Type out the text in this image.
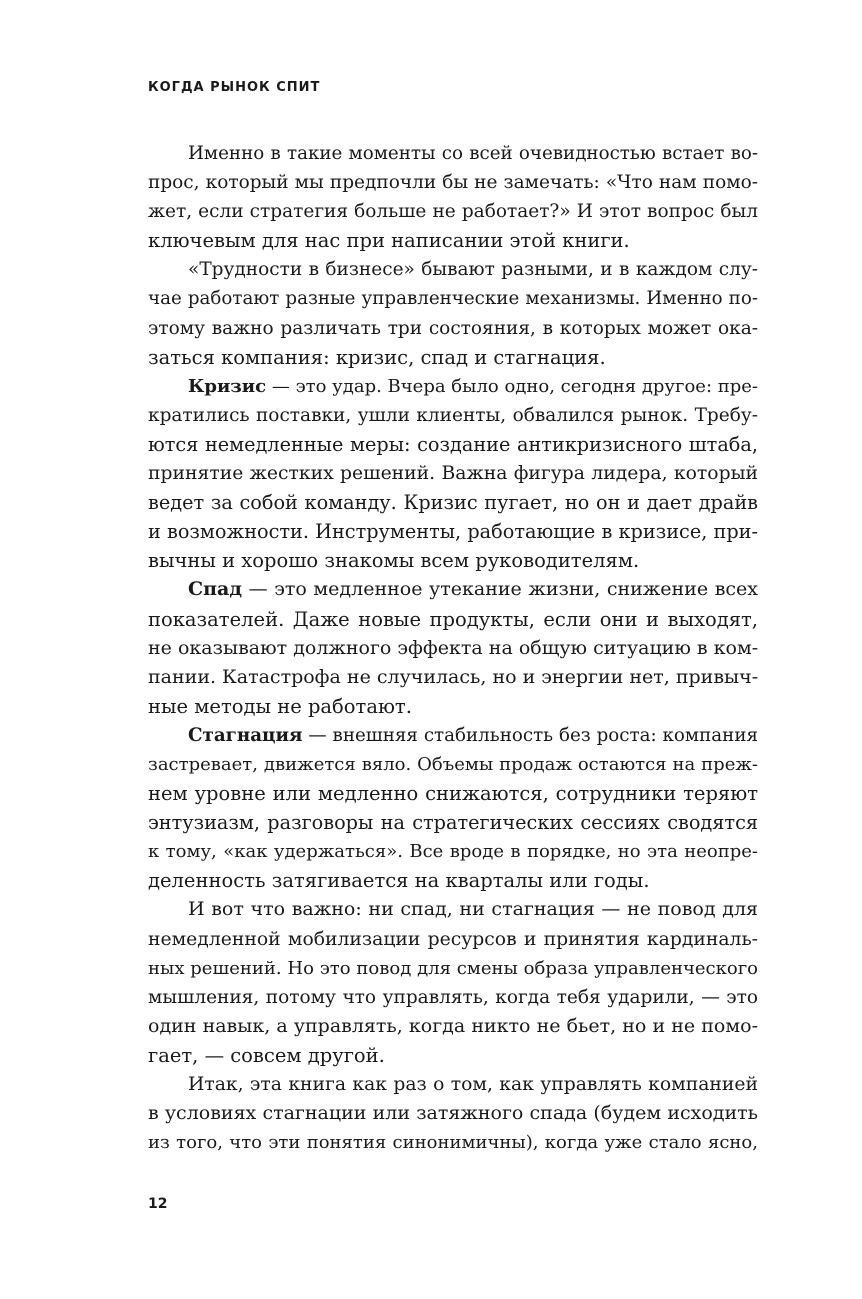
КОГДА РЫНОК СПИТ
Именно в такие моменты со всей очевидностью встает во-
прос, который мы предпочли бы не замечать: «Что нам помо-
жет, если стратегия больше не работает?» И этот вопрос был
ключевым для нас при написании этой книги.
«Трудности в бизнесе» бывают разными, и в каждом слу-
чае работают разные управленческие механизмы. Именно по-
этому важно различать три состояния, в которых может ока-
заться компания: кризис, спад и стагнация.
Кризис — это удар. Вчера было одно, сегодня другое: пре-
кратились поставки, ушли клиенты, обвалился рынок. Требу-
ются немедленные меры: создание антикризисного штаба,
принятие жестких решений. Важна фигура лидера, который
ведет за собой команду. Кризис пугает, но он и дает драйв
и возможности. Инструменты, работающие в кризисе, при-
вычны и хорошо знакомы всем руководителям.
Спад — это медленное утекание жизни, снижение всех
показателей. Даже новые продукты, если они и выходят,
не оказывают должного эффекта на общую ситуацию в ком-
пании. Катастрофа не случилась, но и энергии нет, привыч-
ные методы не работают.
Стагнация — внешняя стабильность без роста: компания
застревает, движется вяло. Объемы продаж остаются на преж-
нем уровне или медленно снижаются, сотрудники теряют
энтузиазм, разговоры на стратегических сессиях сводятся
к тому, «как удержаться». Все вроде в порядке, но эта неопре-
деленность затягивается на кварталы или годы.
И вот что важно: ни спад, ни стагнация — не повод для
немедленной мобилизации ресурсов и принятия кардиналь-
ных решений. Но это повод для смены образа управленческого
мышления, потому что управлять, когда тебя ударили, — это
один навык, а управлять, когда никто не бьет, но и не помо-
гает, — совсем другой.
Итак, эта книга как раз о том, как управлять компанией
в условиях стагнации или затяжного спада (будем исходить
из того, что эти понятия синонимичны), когда уже стало ясно,
12
